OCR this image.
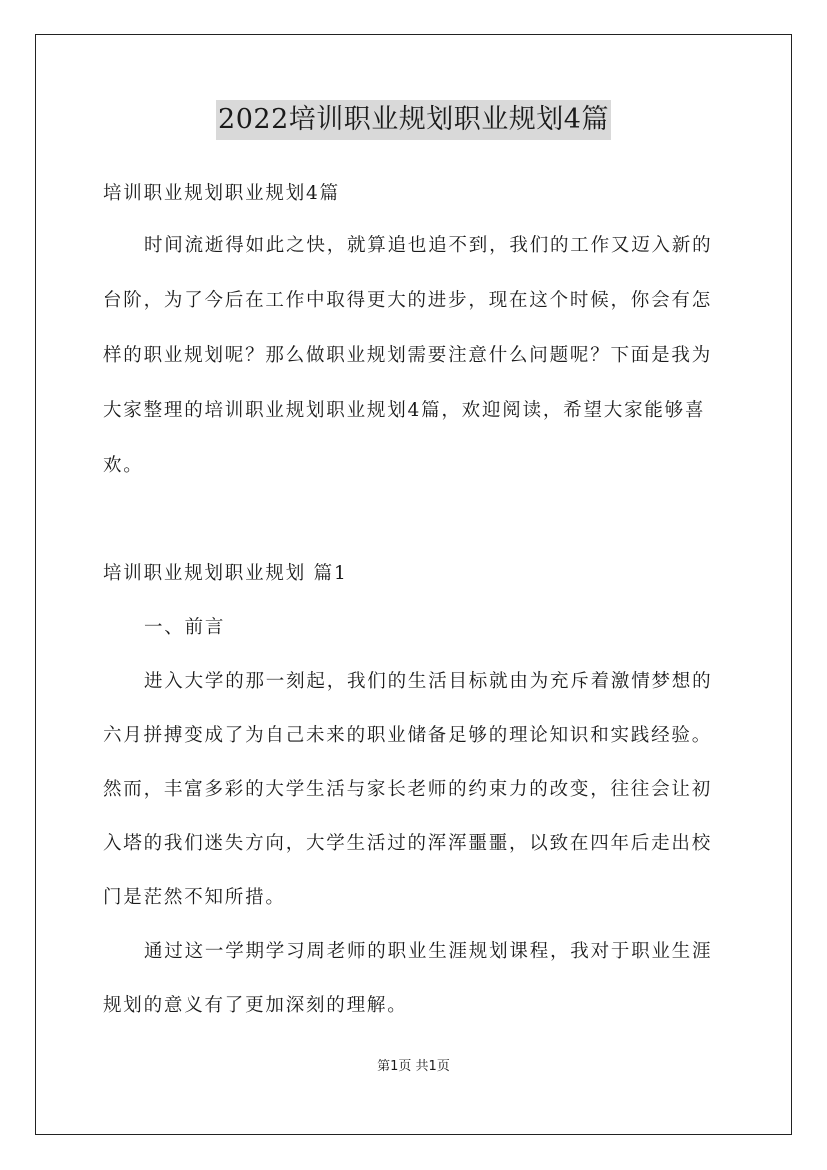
2022培训职业规划职业规划4篇
培训职业规划职业规划4篇
时间流逝得如此之快，就算追也追不到，我们的工作又迈入新的
台阶，为了今后在工作中取得更大的进步，现在这个时候，你会有怎
样的职业规划呢？那么做职业规划需要注意什么问题呢？下面是我为
大家整理的培训职业规划职业规划4篇，欢迎阅读，希望大家能够喜
欢。
培训职业规划职业规划 篇1
一、前言
进入大学的那一刻起，我们的生活目标就由为充斥着激情梦想的
六月拼搏变成了为自己未来的职业储备足够的理论知识和实践经验。
然而，丰富多彩的大学生活与家长老师的约束力的改变，往往会让初
入塔的我们迷失方向，大学生活过的浑浑噩噩，以致在四年后走出校
门是茫然不知所措。
通过这一学期学习周老师的职业生涯规划课程，我对于职业生涯
规划的意义有了更加深刻的理解。
第1页 共1页
